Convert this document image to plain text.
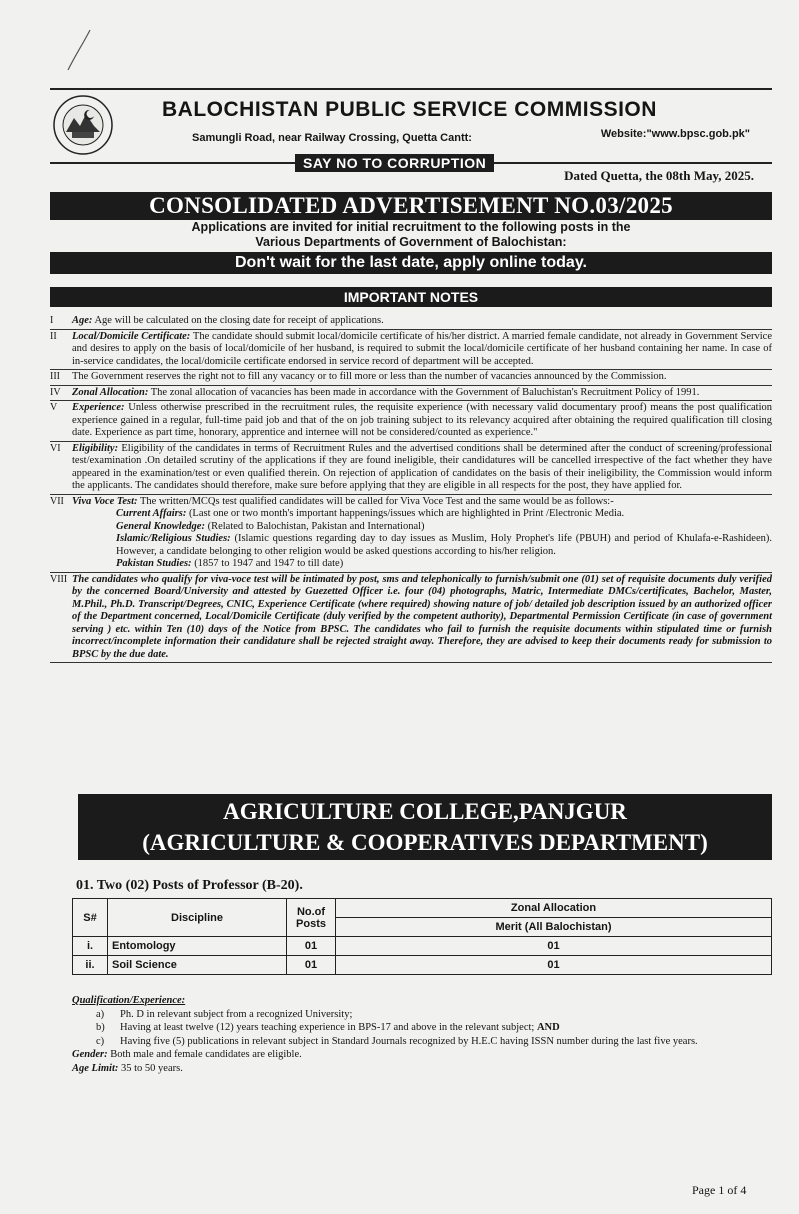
BALOCHISTAN PUBLIC SERVICE COMMISSION
Samungli Road, near Railway Crossing, Quetta Cantt:	Website:"www.bpsc.gob.pk"
SAY NO TO CORRUPTION
Dated Quetta, the 08th May, 2025.
CONSOLIDATED ADVERTISEMENT NO.03/2025
Applications are invited for initial recruitment to the following posts in the
Various Departments of Government of Balochistan:
Don't wait for the last date, apply online today.
IMPORTANT NOTES
I	Age: Age will be calculated on the closing date for receipt of applications.
II	Local/Domicile Certificate: The candidate should submit local/domicile certificate of his/her district. A married female candidate, not already in Government Service and desires to apply on the basis of local/domicile of her husband, is required to submit the local/domicile certificate of her husband containing her name. In case of in-service candidates, the local/domicile certificate endorsed in service record of department will be accepted.
III	The Government reserves the right not to fill any vacancy or to fill more or less than the number of vacancies announced by the Commission.
IV	Zonal Allocation: The zonal allocation of vacancies has been made in accordance with the Government of Baluchistan's Recruitment Policy of 1991.
V	Experience: Unless otherwise prescribed in the recruitment rules, the requisite experience (with necessary valid documentary proof) means the post qualification experience gained in a regular, full-time paid job and that of the on job training subject to its relevancy acquired after obtaining the required qualification till closing date. Experience as part time, honorary, apprentice and internee will not be considered/counted as experience."
VI	Eligibility: Eligibility of the candidates in terms of Recruitment Rules and the advertised conditions shall be determined after the conduct of screening/professional test/examination .On detailed scrutiny of the applications if they are found ineligible, their candidatures will be cancelled irrespective of the fact whether they have appeared in the examination/test or even qualified therein. On rejection of application of candidates on the basis of their ineligibility, the Commission would inform the applicants. The candidates should therefore, make sure before applying that they are eligible in all respects for the post, they have applied for.
VII Viva Voce Test: The written/MCQs test qualified candidates will be called for Viva Voce Test and the same would be as follows:-
Current Affairs: (Last one or two month's important happenings/issues which are highlighted in Print /Electronic Media.
General Knowledge: (Related to Balochistan, Pakistan and International)
Islamic/Religious Studies: (Islamic questions regarding day to day issues as Muslim, Holy Prophet's life (PBUH) and period of Khulafa-e-Rashideen). However, a candidate belonging to other religion would be asked questions according to his/her religion.
Pakistan Studies: (1857 to 1947 and 1947 to till date)
VIII The candidates who qualify for viva-voce test will be intimated by post, sms and telephonically to furnish/submit one (01) set of requisite documents duly verified by the concerned Board/University and attested by Guezetted Officer i.e. four (04) photographs, Matric, Intermediate DMCs/certificates, Bachelor, Master, M.Phil., Ph.D. Transcript/Degrees, CNIC, Experience Certificate (where required) showing nature of job/ detailed job description issued by an authorized officer of the Department concerned, Local/Domicile Certificate (duly verified by the competent authority), Departmental Permission Certificate (in case of government serving ) etc. within Ten (10) days of the Notice from BPSC. The candidates who fail to furnish the requisite documents within stipulated time or furnish incorrect/incomplete information their candidature shall be rejected straight away. Therefore, they are advised to keep their documents ready for submission to BPSC by the due date.
AGRICULTURE COLLEGE,PANJGUR
(AGRICULTURE & COOPERATIVES DEPARTMENT)
01. Two (02) Posts of Professor (B-20).
S#	Discipline	No.of Posts	Zonal Allocation
			Merit (All Balochistan)
i.	Entomology	01	01
ii.	Soil Science	01	01
Qualification/Experience:
a)	Ph. D in relevant subject from a recognized University;
b)	Having at least twelve (12) years teaching experience in BPS-17 and above in the relevant subject; AND
c)	Having five (5) publications in relevant subject in Standard Journals recognized by H.E.C having ISSN number during the last five years.
Gender: Both male and female candidates are eligible.
Age Limit: 35 to 50 years.
Page 1 of 4
